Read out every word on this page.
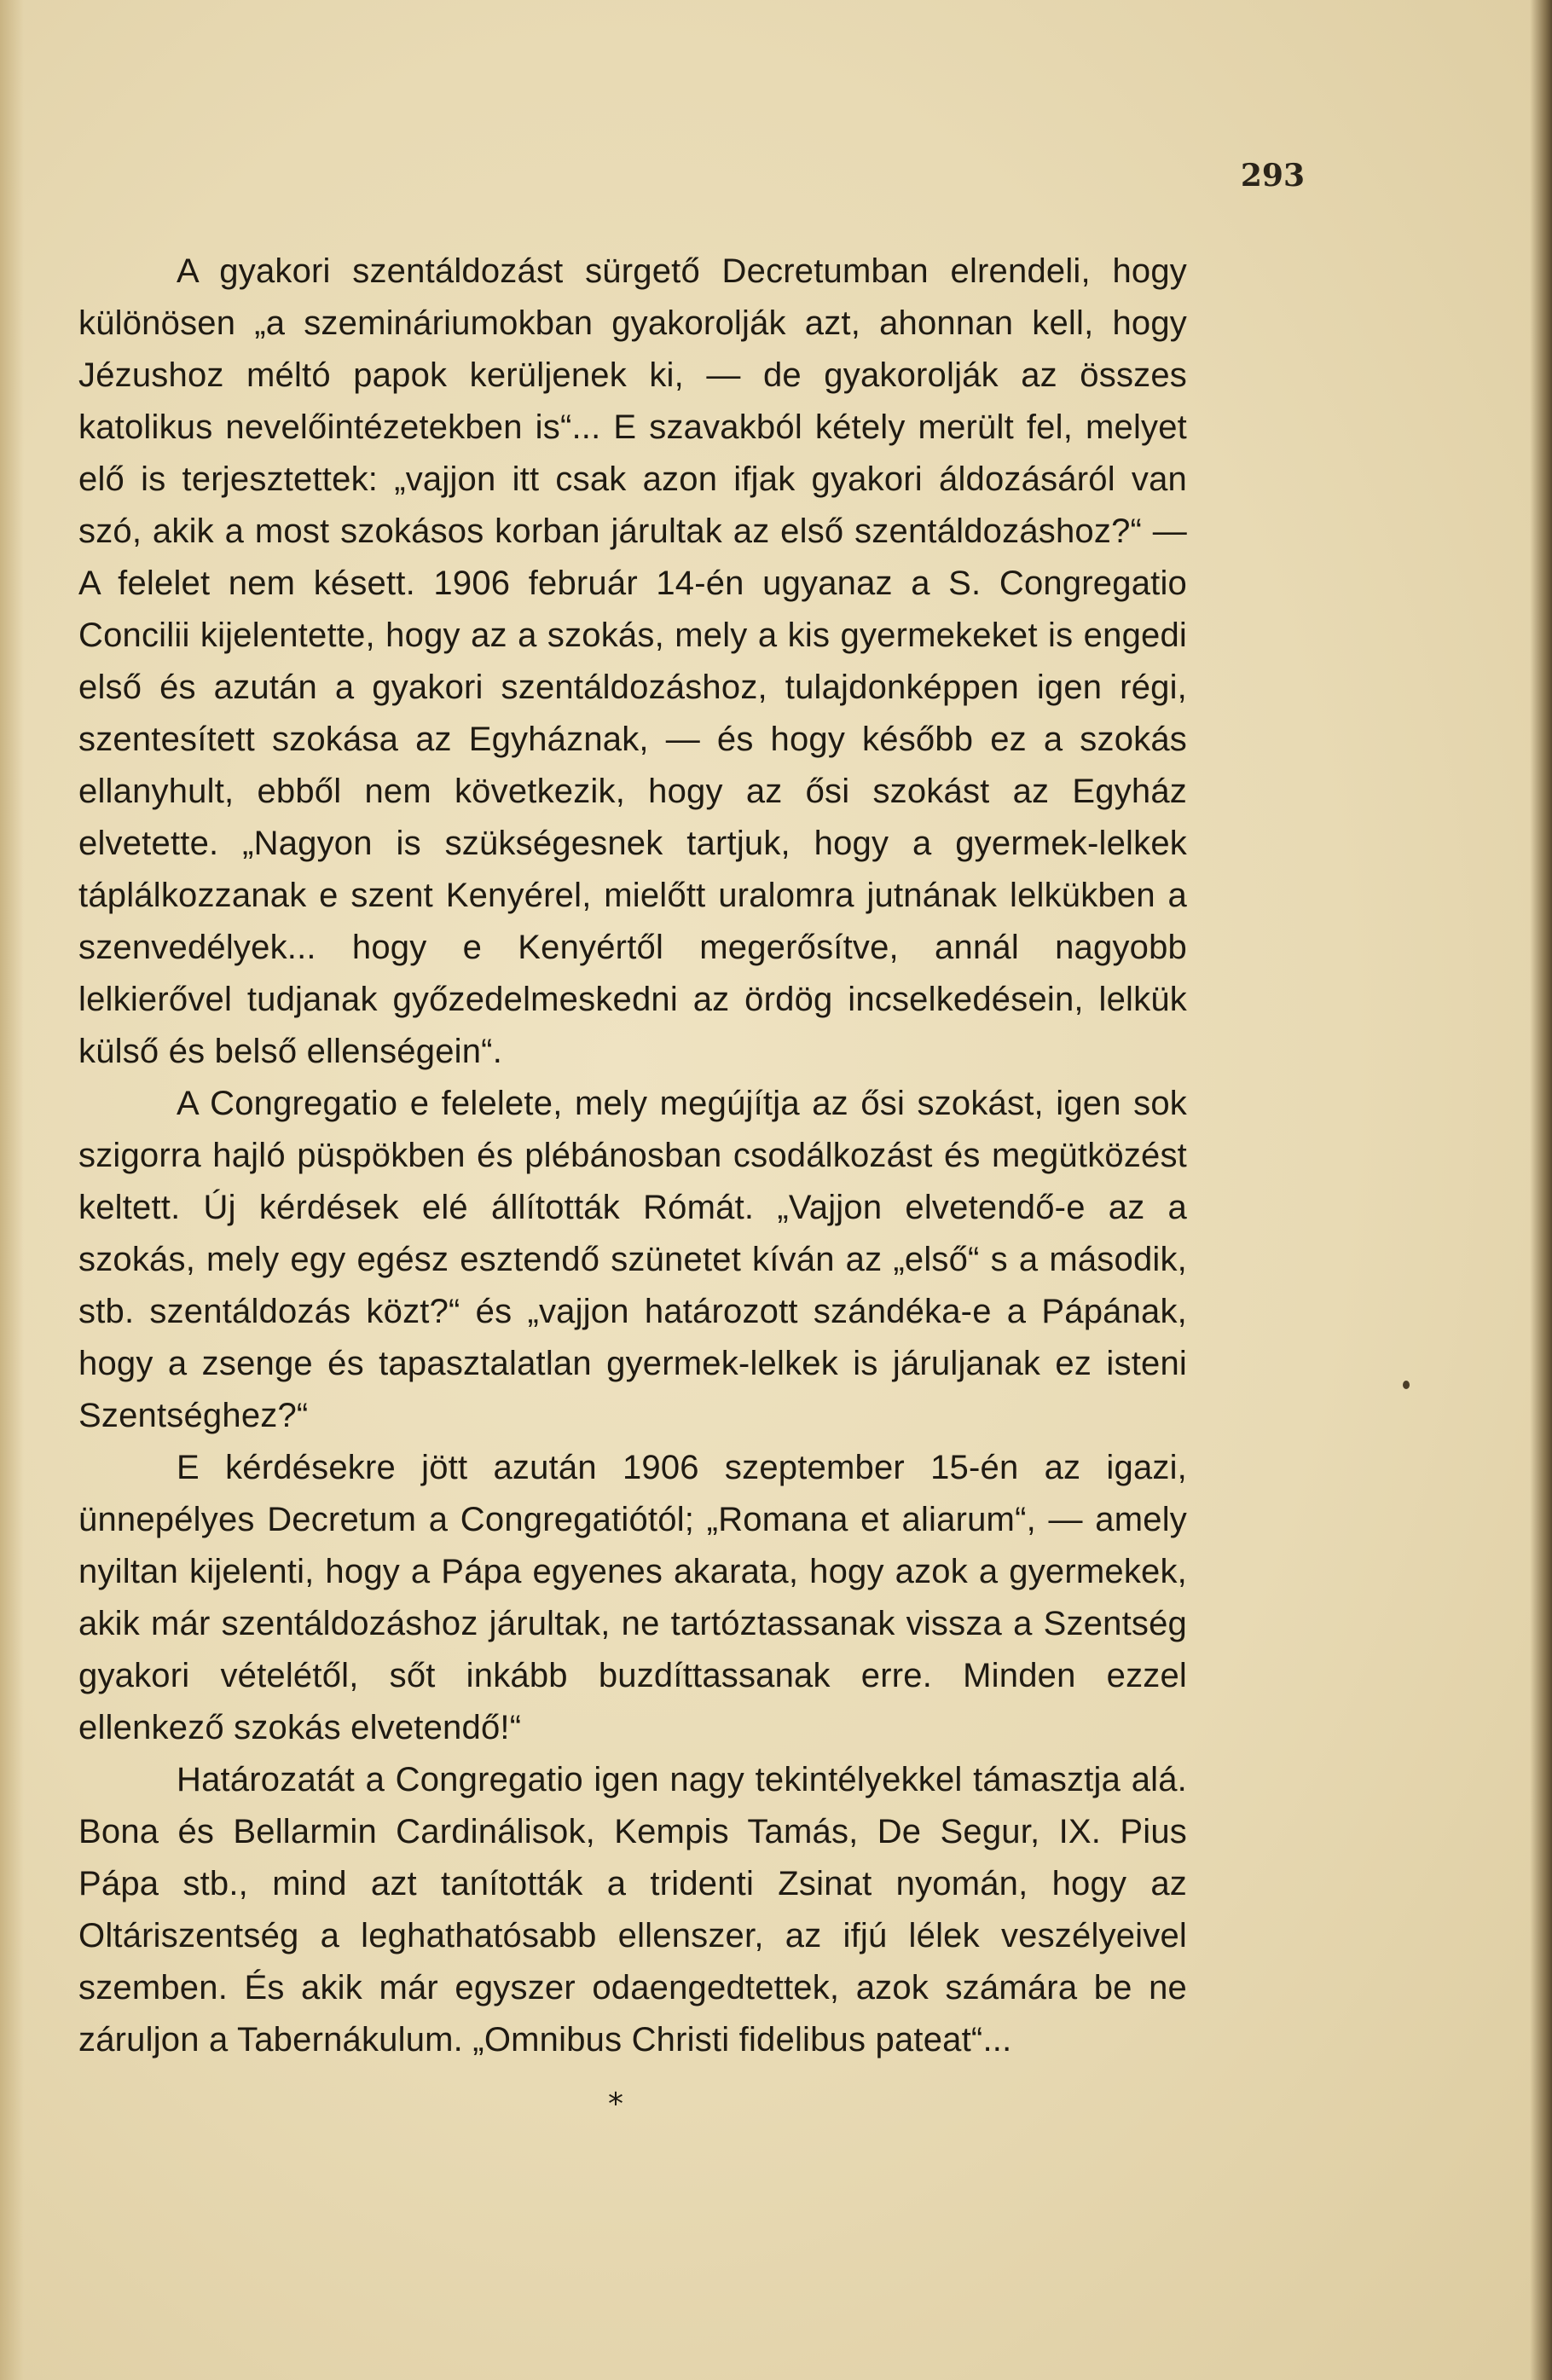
293

A gyakori szentáldozást sürgető Decretumban elrendeli, hogy különösen „a szemináriumokban gyakorolják azt, ahonnan kell, hogy Jézushoz méltó papok kerüljenek ki, — de gyakorolják az összes katolikus nevelőintézetekben is“... E szavakból kétely merült fel, melyet elő is terjesztettek: „vajjon itt csak azon ifjak gyakori áldozásáról van szó, akik a most szokásos korban járultak az első szentáldozáshoz?“ — A felelet nem késett. 1906 február 14-én ugyanaz a S. Congregatio Concilii kijelentette, hogy az a szokás, mely a kis gyermekeket is engedi első és azután a gyakori szentáldozáshoz, tulajdonképpen igen régi, szentesített szokása az Egyháznak, — és hogy később ez a szokás ellanyhult, ebből nem következik, hogy az ősi szokást az Egyház elvetette. „Nagyon is szükségesnek tartjuk, hogy a gyermek-lelkek táplálkozzanak e szent Kenyérel, mielőtt uralomra jutnának lelkükben a szenvedélyek... hogy e Kenyértől megerősítve, annál nagyobb lelkierővel tudjanak győzedelmeskedni az ördög incselkedésein, lelkük külső és belső ellenségein“.

A Congregatio e felelete, mely megújítja az ősi szokást, igen sok szigorra hajló püspökben és plébánosban csodálkozást és megütközést keltett. Új kérdések elé állították Rómát. „Vajjon elvetendő-e az a szokás, mely egy egész esztendő szünetet kíván az „első“ s a második, stb. szentáldozás közt?“ és „vajjon határozott szándéka-e a Pápának, hogy a zsenge és tapasztalatlan gyermek-lelkek is járuljanak ez isteni Szentséghez?“

E kérdésekre jött azután 1906 szeptember 15-én az igazi, ünnepélyes Decretum a Congregatiótól; „Romana et aliarum“, — amely nyiltan kijelenti, hogy a Pápa egyenes akarata, hogy azok a gyermekek, akik már szentáldozáshoz járultak, ne tartóztassanak vissza a Szentség gyakori vételétől, sőt inkább buzdíttassanak erre. Minden ezzel ellenkező szokás elvetendő!“

Határozatát a Congregatio igen nagy tekintélyekkel támasztja alá. Bona és Bellarmin Cardinálisok, Kempis Tamás, De Segur, IX. Pius Pápa stb., mind azt tanították a tridenti Zsinat nyomán, hogy az Oltáriszentség a leghathatósabb ellenszer, az ifjú lélek veszélyeivel szemben. És akik már egyszer odaengedtettek, azok számára be ne záruljon a Tabernákulum. „Omnibus Christi fidelibus pateat“...

*
